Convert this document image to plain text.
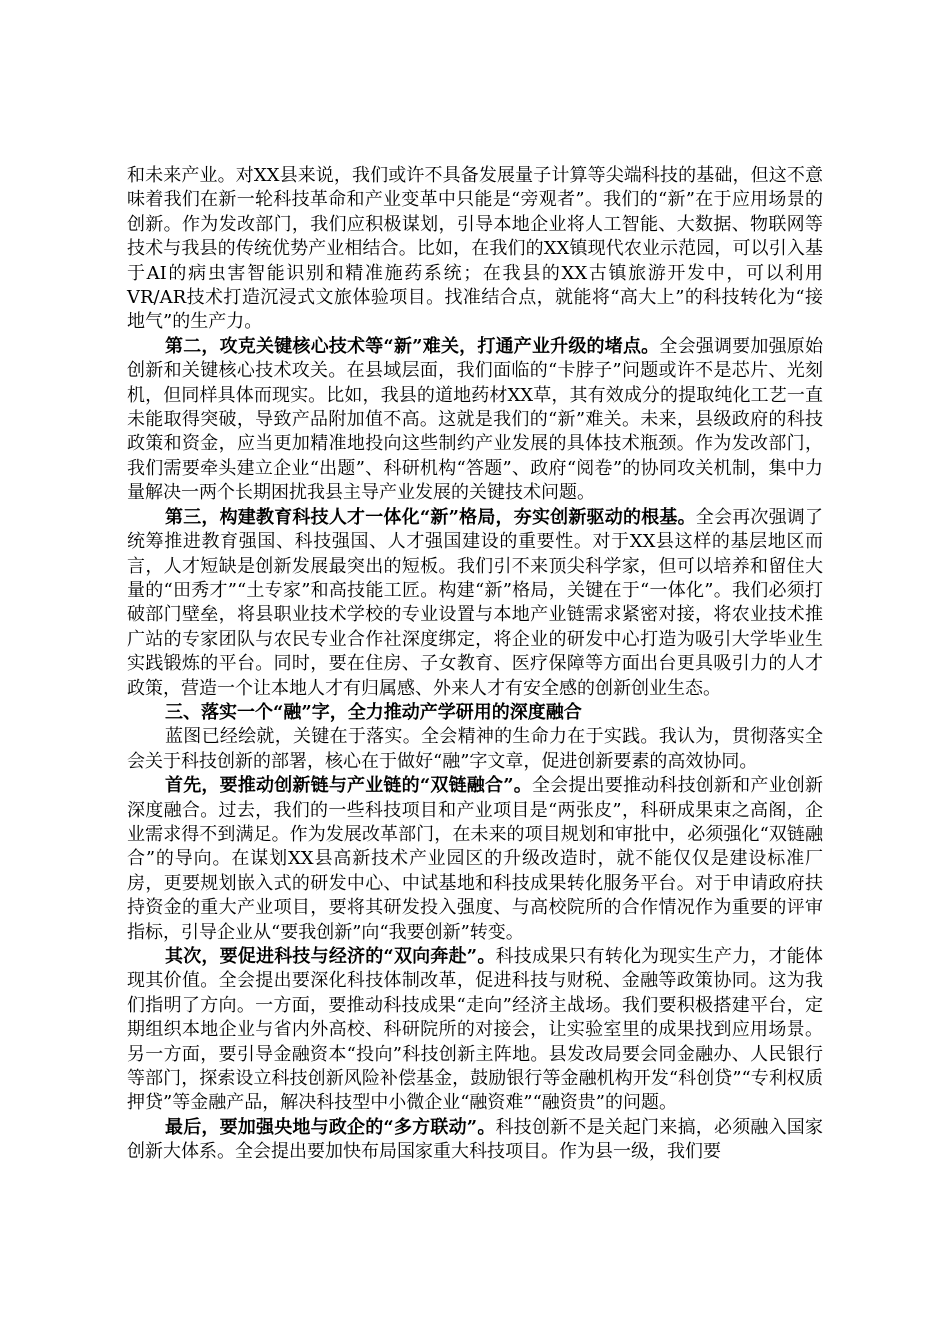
和未来产业。对XX县来说，我们或许不具备发展量子计算等尖端科技的基础，但这不意味着我们在新一轮科技革命和产业变革中只能是“旁观者”。我们的“新”在于应用场景的创新。作为发改部门，我们应积极谋划，引导本地企业将人工智能、大数据、物联网等技术与我县的传统优势产业相结合。比如，在我们的XX镇现代农业示范园，可以引入基于AI的病虫害智能识别和精准施药系统；在我县的XX古镇旅游开发中，可以利用VR/AR技术打造沉浸式文旅体验项目。找准结合点，就能将“高大上”的科技转化为“接地气”的生产力。

第二，攻克关键核心技术等“新”难关，打通产业升级的堵点。全会强调要加强原始创新和关键核心技术攻关。在县域层面，我们面临的“卡脖子”问题或许不是芯片、光刻机，但同样具体而现实。比如，我县的道地药材XX草，其有效成分的提取纯化工艺一直未能取得突破，导致产品附加值不高。这就是我们的“新”难关。未来，县级政府的科技政策和资金，应当更加精准地投向这些制约产业发展的具体技术瓶颈。作为发改部门，我们需要牵头建立企业“出题”、科研机构“答题”、政府“阅卷”的协同攻关机制，集中力量解决一两个长期困扰我县主导产业发展的关键技术问题。

第三，构建教育科技人才一体化“新”格局，夯实创新驱动的根基。全会再次强调了统筹推进教育强国、科技强国、人才强国建设的重要性。对于XX县这样的基层地区而言，人才短缺是创新发展最突出的短板。我们引不来顶尖科学家，但可以培养和留住大量的“田秀才”“土专家”和高技能工匠。构建“新”格局，关键在于“一体化”。我们必须打破部门壁垒，将县职业技术学校的专业设置与本地产业链需求紧密对接，将农业技术推广站的专家团队与农民专业合作社深度绑定，将企业的研发中心打造为吸引大学毕业生实践锻炼的平台。同时，要在住房、子女教育、医疗保障等方面出台更具吸引力的人才政策，营造一个让本地人才有归属感、外来人才有安全感的创新创业生态。

三、落实一个“融”字，全力推动产学研用的深度融合

蓝图已经绘就，关键在于落实。全会精神的生命力在于实践。我认为，贯彻落实全会关于科技创新的部署，核心在于做好“融”字文章，促进创新要素的高效协同。

首先，要推动创新链与产业链的“双链融合”。全会提出要推动科技创新和产业创新深度融合。过去，我们的一些科技项目和产业项目是“两张皮”，科研成果束之高阁，企业需求得不到满足。作为发展改革部门，在未来的项目规划和审批中，必须强化“双链融合”的导向。在谋划XX县高新技术产业园区的升级改造时，就不能仅仅是建设标准厂房，更要规划嵌入式的研发中心、中试基地和科技成果转化服务平台。对于申请政府扶持资金的重大产业项目，要将其研发投入强度、与高校院所的合作情况作为重要的评审指标，引导企业从“要我创新”向“我要创新”转变。

其次，要促进科技与经济的“双向奔赴”。科技成果只有转化为现实生产力，才能体现其价值。全会提出要深化科技体制改革，促进科技与财税、金融等政策协同。这为我们指明了方向。一方面，要推动科技成果“走向”经济主战场。我们要积极搭建平台，定期组织本地企业与省内外高校、科研院所的对接会，让实验室里的成果找到应用场景。另一方面，要引导金融资本“投向”科技创新主阵地。县发改局要会同金融办、人民银行等部门，探索设立科技创新风险补偿基金，鼓励银行等金融机构开发“科创贷”“专利权质押贷”等金融产品，解决科技型中小微企业“融资难”“融资贵”的问题。

最后，要加强央地与政企的“多方联动”。科技创新不是关起门来搞，必须融入国家创新大体系。全会提出要加快布局国家重大科技项目。作为县一级，我们要
